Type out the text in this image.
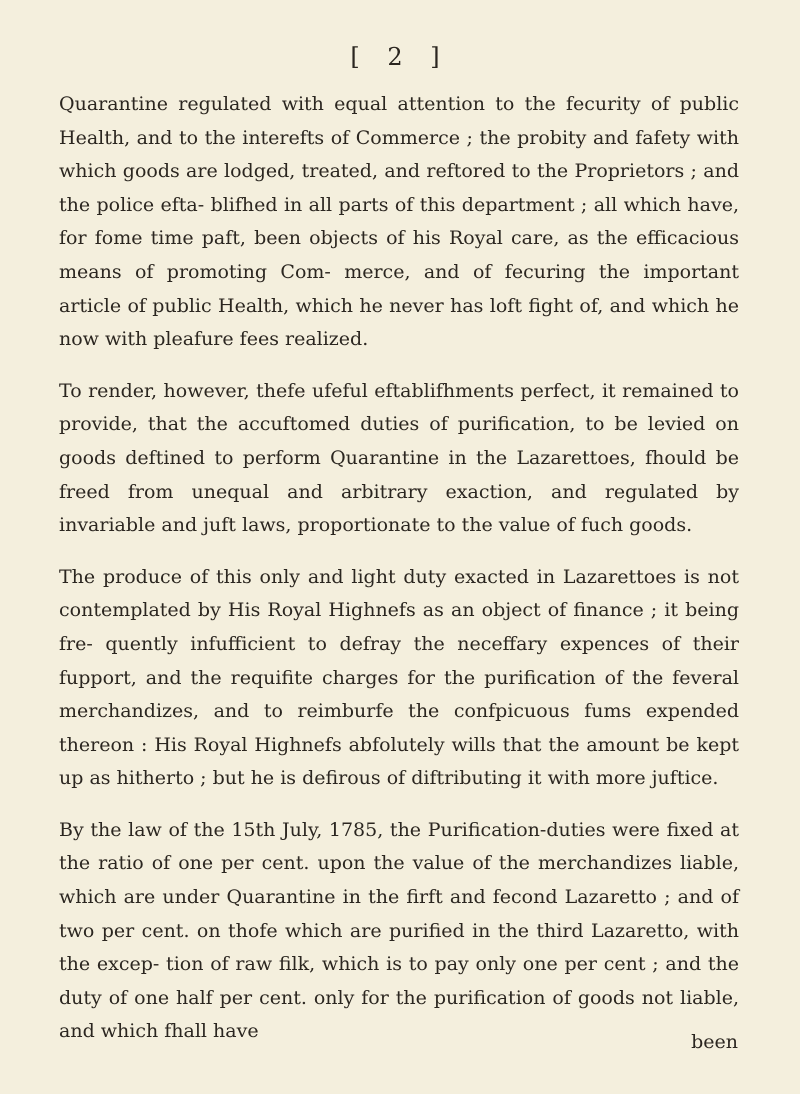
[ 2 ]

Quarantine regulated with equal attention to the fecurity of public Health, and to the interefts of Commerce ; the probity and fafety with which goods are lodged, treated, and reftored to the Proprietors ; and the police efta- blifhed in all parts of this department ; all which have, for fome time paft, been objects of his Royal care, as the efficacious means of promoting Com- merce, and of fecuring the important article of public Health, which he never has loft fight of, and which he now with pleafure fees realized.

To render, however, thefe ufeful eftablifhments perfect, it remained to provide, that the accuftomed duties of purification, to be levied on goods deftined to perform Quarantine in the Lazarettoes, fhould be freed from unequal and arbitrary exaction, and regulated by invariable and juft laws, proportionate to the value of fuch goods.

The produce of this only and light duty exacted in Lazarettoes is not contemplated by His Royal Highnefs as an object of finance ; it being fre- quently infufficient to defray the neceffary expences of their fupport, and the requifite charges for the purification of the feveral merchandizes, and to reimburfe the confpicuous fums expended thereon : His Royal Highnefs abfolutely wills that the amount be kept up as hitherto ; but he is defirous of diftributing it with more juftice.

By the law of the 15th July, 1785, the Purification-duties were fixed at the ratio of one per cent. upon the value of the merchandizes liable, which are under Quarantine in the firft and fecond Lazaretto ; and of two per cent. on thofe which are purified in the third Lazaretto, with the excep- tion of raw filk, which is to pay only one per cent ; and the duty of one half per cent. only for the purification of goods not liable, and which fhall have	been
